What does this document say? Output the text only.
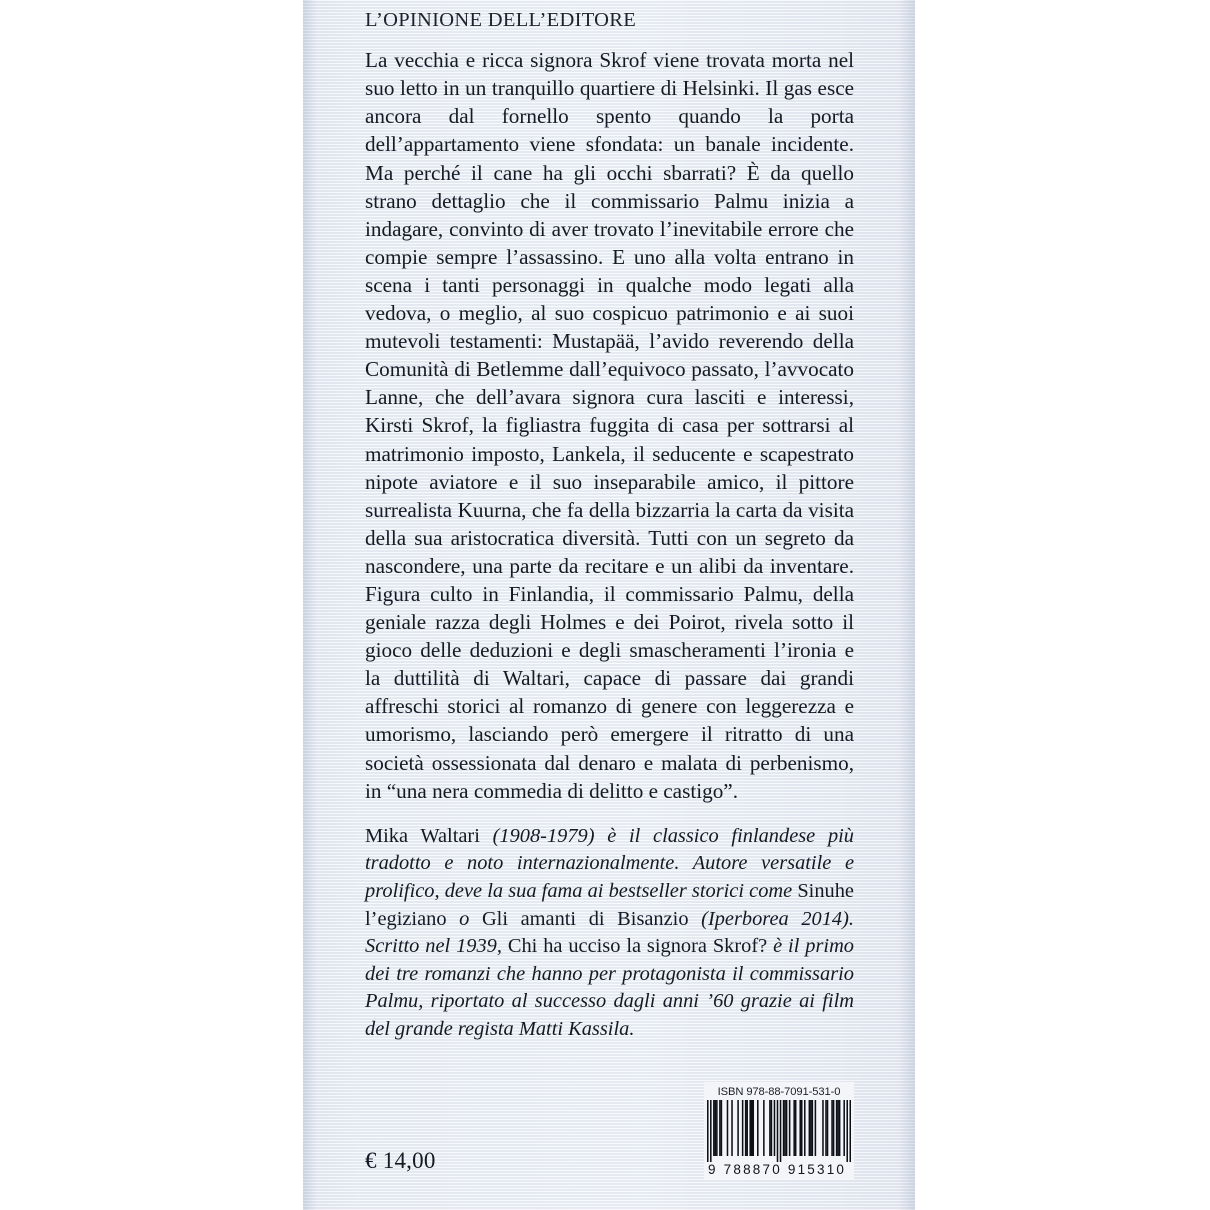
L’OPINIONE DELL’EDITORE

La vecchia e ricca signora Skrof viene trovata morta nel suo letto in un tranquillo quartiere di Helsinki. Il gas esce ancora dal fornello spento quando la porta dell’appartamento viene sfondata: un banale incidente. Ma perché il cane ha gli occhi sbarrati? È da quello strano dettaglio che il commissario Palmu inizia a indagare, convinto di aver trovato l’inevitabile errore che compie sempre l’assassino. E uno alla volta entrano in scena i tanti personaggi in qualche modo legati alla vedova, o meglio, al suo cospicuo patrimonio e ai suoi mutevoli testamenti: Mustapää, l’avido reverendo della Comunità di Betlemme dall’equivoco passato, l’avvocato Lanne, che dell’avara signora cura lasciti e interessi, Kirsti Skrof, la figliastra fuggita di casa per sottrarsi al matrimonio imposto, Lankela, il seducente e scapestrato nipote aviatore e il suo inseparabile amico, il pittore surrealista Kuurna, che fa della bizzarria la carta da visita della sua aristocratica diversità. Tutti con un segreto da nascondere, una parte da recitare e un alibi da inventare. Figura culto in Finlandia, il commissario Palmu, della geniale razza degli Holmes e dei Poirot, rivela sotto il gioco delle deduzioni e degli smascheramenti l’ironia e la duttilità di Waltari, capace di passare dai grandi affreschi storici al romanzo di genere con leggerezza e umorismo, lasciando però emergere il ritratto di una società ossessionata dal denaro e malata di perbenismo, in “una nera commedia di delitto e castigo”.

Mika Waltari (1908-1979) è il classico finlandese più tradotto e noto internazionalmente. Autore versatile e prolifico, deve la sua fama ai bestseller storici come Sinuhe l’egiziano o Gli amanti di Bisanzio (Iperborea 2014). Scritto nel 1939, Chi ha ucciso la signora Skrof? è il primo dei tre romanzi che hanno per protagonista il commissario Palmu, riportato al successo dagli anni ’60 grazie ai film del grande regista Matti Kassila.

€ 14,00
ISBN 978-88-7091-531-0
9 788870 915310
